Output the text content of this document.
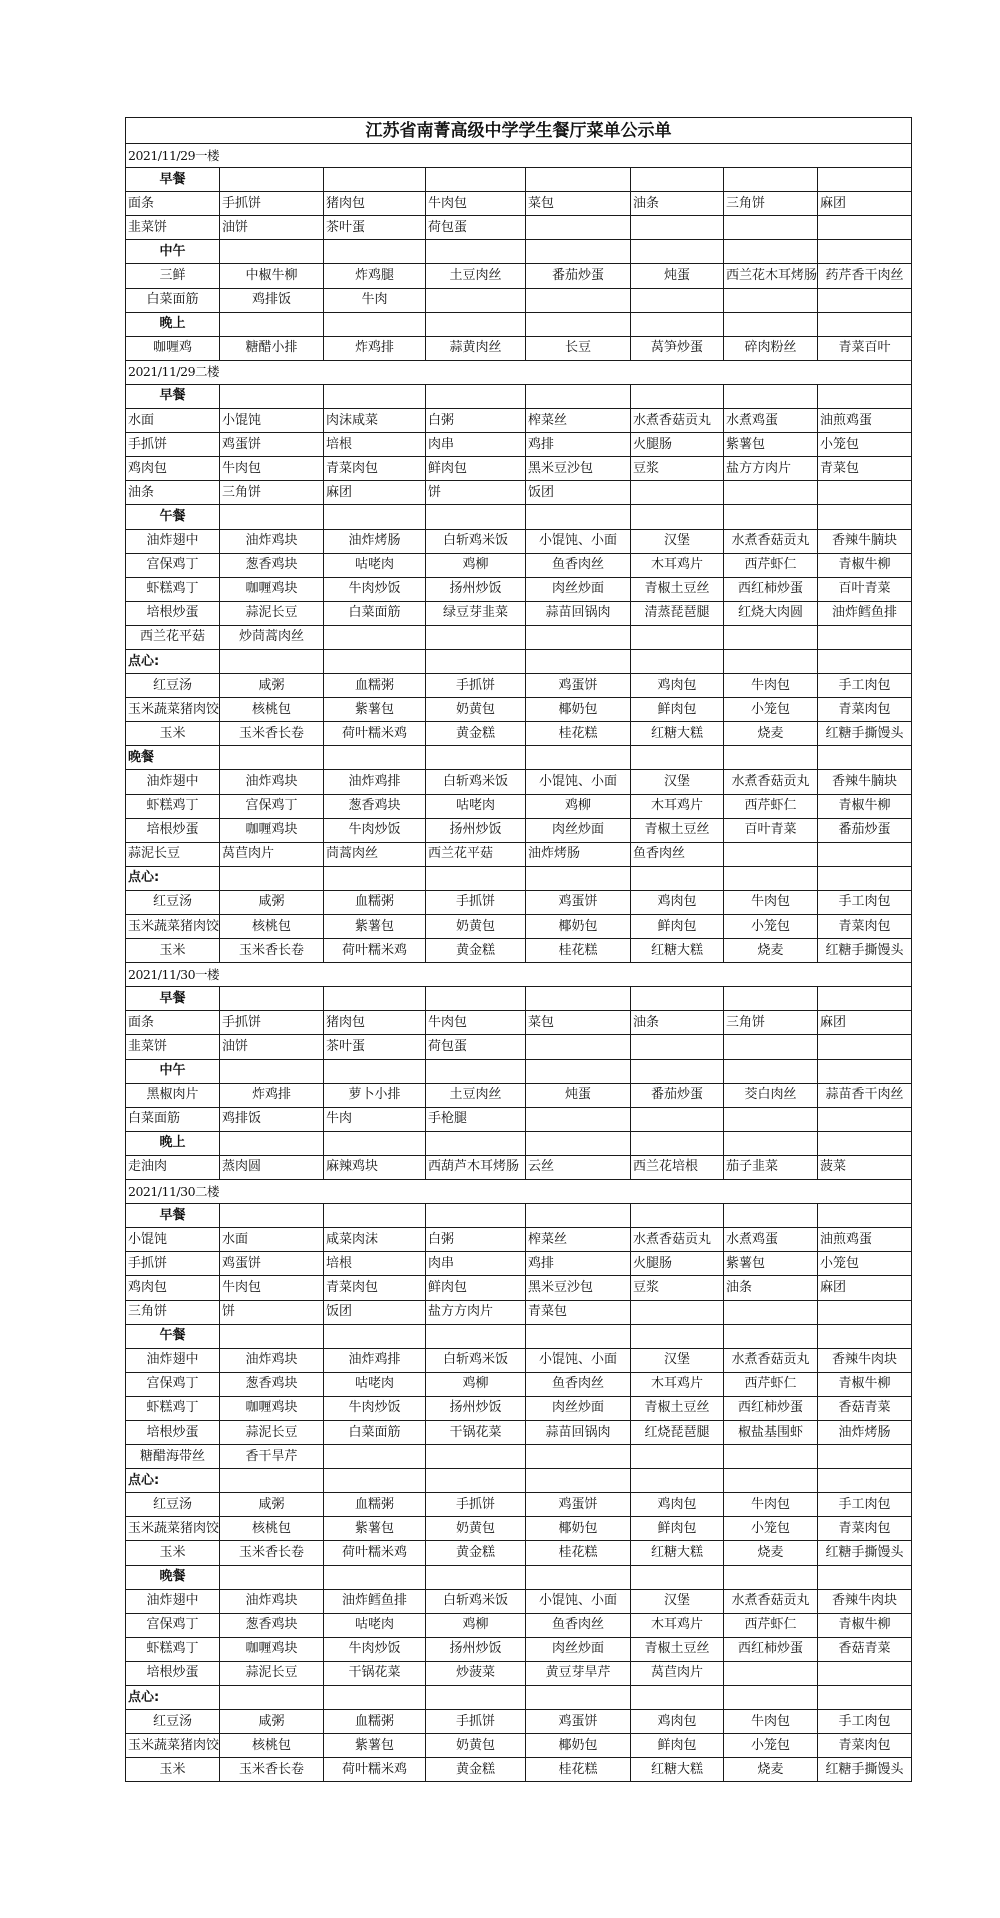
江苏省南菁高级中学学生餐厅菜单公示单							
2021/11/29一楼							
早餐							
面条	手抓饼	猪肉包	牛肉包	菜包	油条	三角饼	麻团
韭菜饼	油饼	茶叶蛋	荷包蛋				
中午							
三鲜	中椒牛柳	炸鸡腿	土豆肉丝	番茄炒蛋	炖蛋	西兰花木耳烤肠	药芹香干肉丝
白菜面筋	鸡排饭	牛肉					
晚上							
咖喱鸡	糖醋小排	炸鸡排	蒜黄肉丝	长豆	莴笋炒蛋	碎肉粉丝	青菜百叶
2021/11/29二楼							
早餐							
水面	小馄饨	肉沫咸菜	白粥	榨菜丝	水煮香菇贡丸	水煮鸡蛋	油煎鸡蛋
手抓饼	鸡蛋饼	培根	肉串	鸡排	火腿肠	紫薯包	小笼包
鸡肉包	牛肉包	青菜肉包	鲜肉包	黑米豆沙包	豆浆	盐方方肉片	青菜包
油条	三角饼	麻团	饼	饭团			
午餐							
油炸翅中	油炸鸡块	油炸烤肠	白斩鸡米饭	小馄饨、小面	汉堡	水煮香菇贡丸	香辣牛腩块
宫保鸡丁	葱香鸡块	咕咾肉	鸡柳	鱼香肉丝	木耳鸡片	西芹虾仁	青椒牛柳
虾糕鸡丁	咖喱鸡块	牛肉炒饭	扬州炒饭	肉丝炒面	青椒土豆丝	西红柿炒蛋	百叶青菜
培根炒蛋	蒜泥长豆	白菜面筋	绿豆芽韭菜	蒜苗回锅肉	清蒸琵琶腿	红烧大肉圆	油炸鳕鱼排
西兰花平菇	炒茼蒿肉丝						
点心:							
红豆汤	咸粥	血糯粥	手抓饼	鸡蛋饼	鸡肉包	牛肉包	手工肉包
玉米蔬菜猪肉饺	核桃包	紫薯包	奶黄包	椰奶包	鲜肉包	小笼包	青菜肉包
玉米	玉米香长卷	荷叶糯米鸡	黄金糕	桂花糕	红糖大糕	烧麦	红糖手撕馒头
晚餐							
油炸翅中	油炸鸡块	油炸鸡排	白斩鸡米饭	小馄饨、小面	汉堡	水煮香菇贡丸	香辣牛腩块
虾糕鸡丁	宫保鸡丁	葱香鸡块	咕咾肉	鸡柳	木耳鸡片	西芹虾仁	青椒牛柳
培根炒蛋	咖喱鸡块	牛肉炒饭	扬州炒饭	肉丝炒面	青椒土豆丝	百叶青菜	番茄炒蛋
蒜泥长豆	莴苣肉片	茼蒿肉丝	西兰花平菇	油炸烤肠	鱼香肉丝		
点心:							
红豆汤	咸粥	血糯粥	手抓饼	鸡蛋饼	鸡肉包	牛肉包	手工肉包
玉米蔬菜猪肉饺	核桃包	紫薯包	奶黄包	椰奶包	鲜肉包	小笼包	青菜肉包
玉米	玉米香长卷	荷叶糯米鸡	黄金糕	桂花糕	红糖大糕	烧麦	红糖手撕馒头
2021/11/30一楼							
早餐							
面条	手抓饼	猪肉包	牛肉包	菜包	油条	三角饼	麻团
韭菜饼	油饼	茶叶蛋	荷包蛋				
中午							
黑椒肉片	炸鸡排	萝卜小排	土豆肉丝	炖蛋	番茄炒蛋	茭白肉丝	蒜苗香干肉丝
白菜面筋	鸡排饭	牛肉	手枪腿				
晚上							
走油肉	蒸肉圆	麻辣鸡块	西葫芦木耳烤肠	云丝	西兰花培根	茄子韭菜	菠菜
2021/11/30二楼							
早餐							
小馄饨	水面	咸菜肉沫	白粥	榨菜丝	水煮香菇贡丸	水煮鸡蛋	油煎鸡蛋
手抓饼	鸡蛋饼	培根	肉串	鸡排	火腿肠	紫薯包	小笼包
鸡肉包	牛肉包	青菜肉包	鲜肉包	黑米豆沙包	豆浆	油条	麻团
三角饼	饼	饭团	盐方方肉片	青菜包			
午餐							
油炸翅中	油炸鸡块	油炸鸡排	白斩鸡米饭	小馄饨、小面	汉堡	水煮香菇贡丸	香辣牛肉块
宫保鸡丁	葱香鸡块	咕咾肉	鸡柳	鱼香肉丝	木耳鸡片	西芹虾仁	青椒牛柳
虾糕鸡丁	咖喱鸡块	牛肉炒饭	扬州炒饭	肉丝炒面	青椒土豆丝	西红柿炒蛋	香菇青菜
培根炒蛋	蒜泥长豆	白菜面筋	干锅花菜	蒜苗回锅肉	红烧琵琶腿	椒盐基围虾	油炸烤肠
糖醋海带丝	香干旱芹						
点心:							
红豆汤	咸粥	血糯粥	手抓饼	鸡蛋饼	鸡肉包	牛肉包	手工肉包
玉米蔬菜猪肉饺	核桃包	紫薯包	奶黄包	椰奶包	鲜肉包	小笼包	青菜肉包
玉米	玉米香长卷	荷叶糯米鸡	黄金糕	桂花糕	红糖大糕	烧麦	红糖手撕馒头
晚餐							
油炸翅中	油炸鸡块	油炸鳕鱼排	白斩鸡米饭	小馄饨、小面	汉堡	水煮香菇贡丸	香辣牛肉块
宫保鸡丁	葱香鸡块	咕咾肉	鸡柳	鱼香肉丝	木耳鸡片	西芹虾仁	青椒牛柳
虾糕鸡丁	咖喱鸡块	牛肉炒饭	扬州炒饭	肉丝炒面	青椒土豆丝	西红柿炒蛋	香菇青菜
培根炒蛋	蒜泥长豆	干锅花菜	炒菠菜	黄豆芽旱芹	莴苣肉片		
点心:							
红豆汤	咸粥	血糯粥	手抓饼	鸡蛋饼	鸡肉包	牛肉包	手工肉包
玉米蔬菜猪肉饺	核桃包	紫薯包	奶黄包	椰奶包	鲜肉包	小笼包	青菜肉包
玉米	玉米香长卷	荷叶糯米鸡	黄金糕	桂花糕	红糖大糕	烧麦	红糖手撕馒头
